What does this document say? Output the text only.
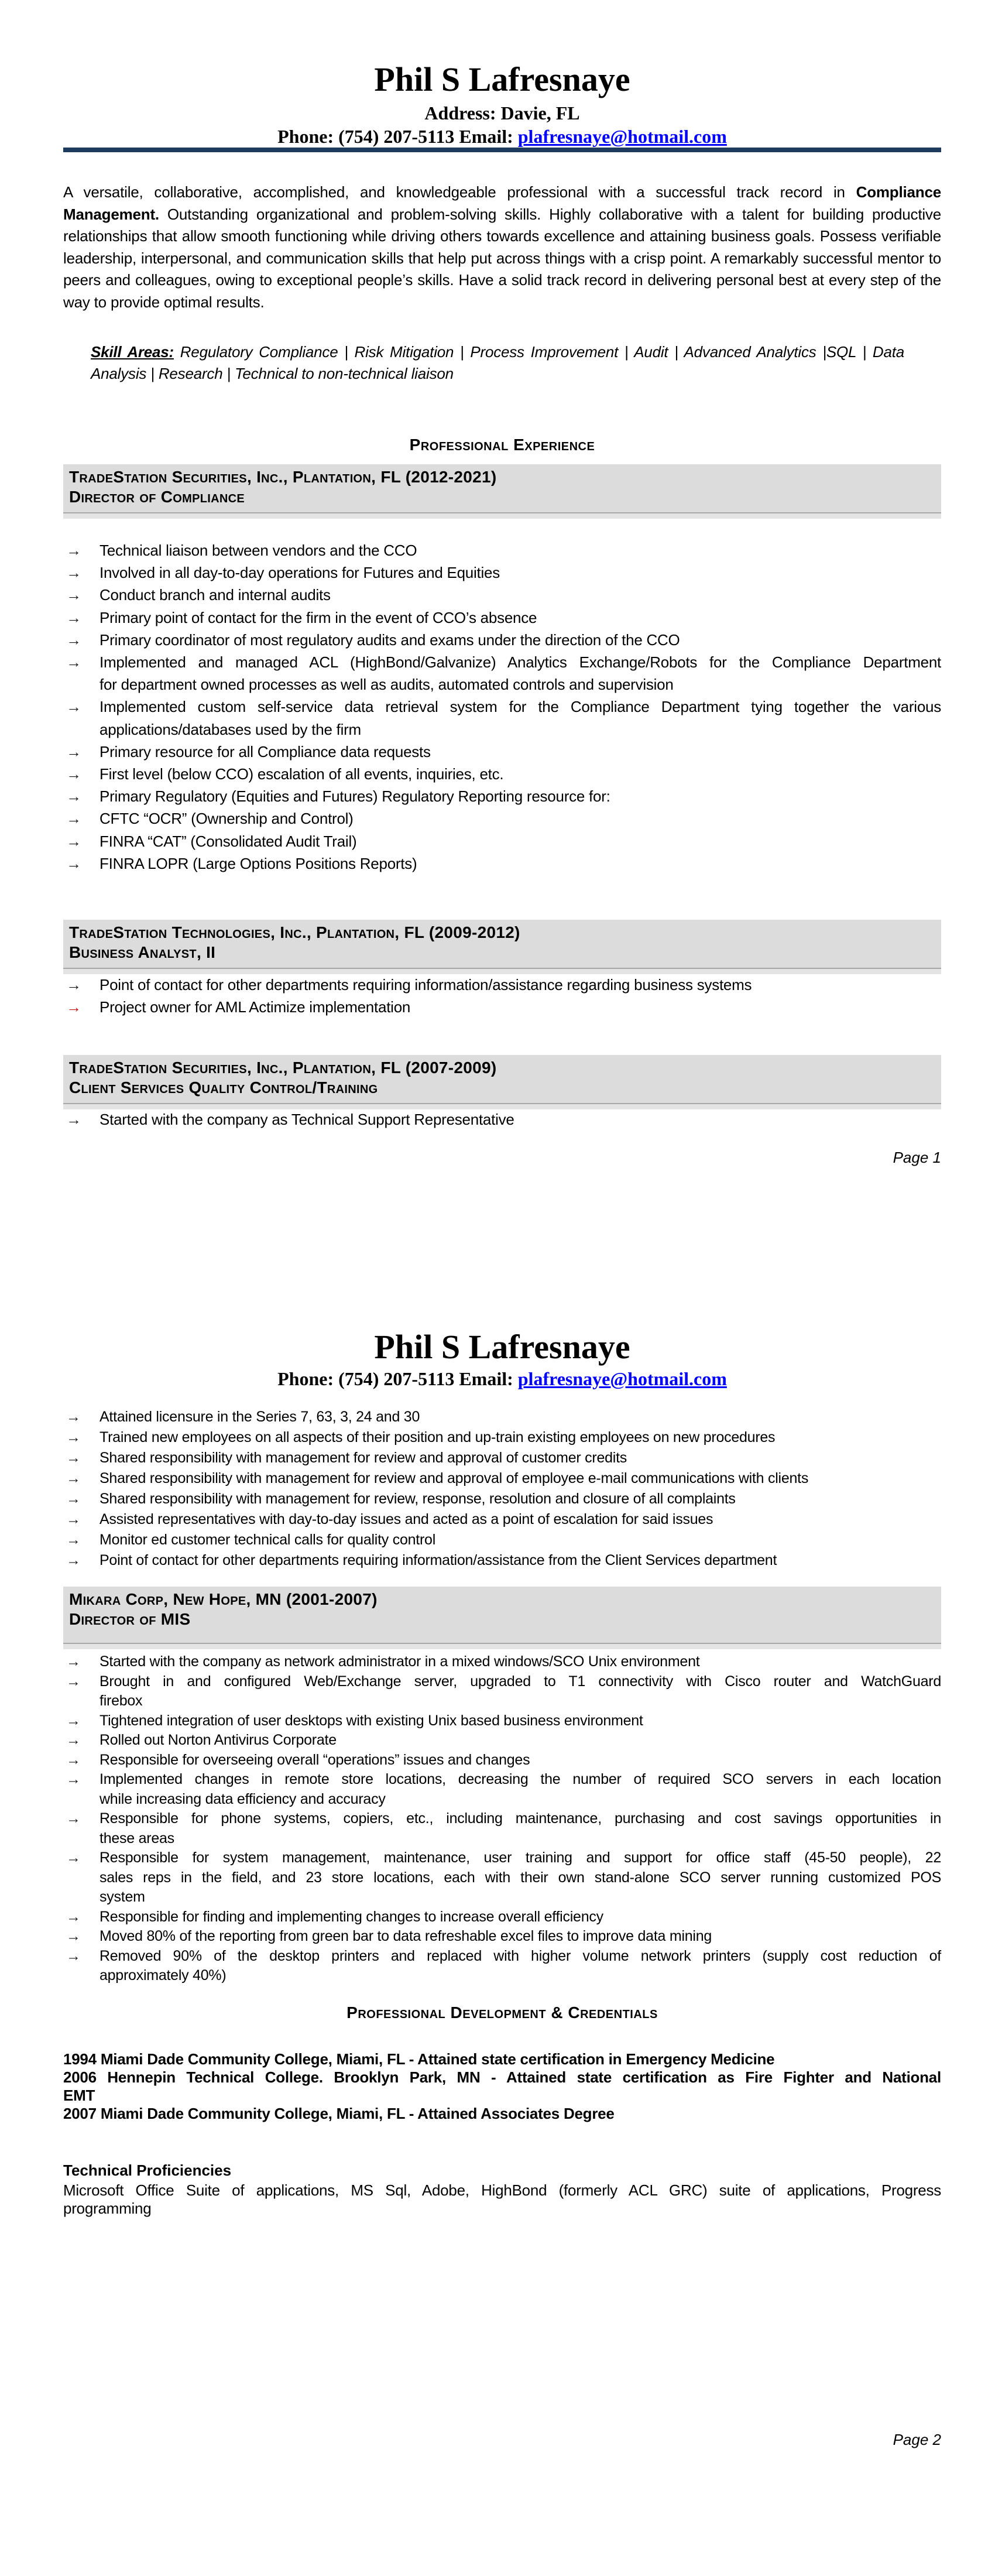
Phil S Lafresnaye
Address: Davie, FL
Phone: (754) 207-5113 Email: plafresnaye@hotmail.com
A versatile, collaborative, accomplished, and knowledgeable professional with a successful track record in Compliance Management. Outstanding organizational and problem-solving skills. Highly collaborative with a talent for building productive relationships that allow smooth functioning while driving others towards excellence and attaining business goals. Possess verifiable leadership, interpersonal, and communication skills that help put across things with a crisp point. A remarkably successful mentor to peers and colleagues, owing to exceptional people’s skills. Have a solid track record in delivering personal best at every step of the way to provide optimal results.
Skill Areas: Regulatory Compliance | Risk Mitigation | Process Improvement | Audit | Advanced Analytics |SQL | Data Analysis | Research | Technical to non-technical liaison
Professional Experience
TradeStation Securities, Inc., Plantation, FL (2012-2021)
Director of Compliance
→ Technical liaison between vendors and the CCO
→ Involved in all day-to-day operations for Futures and Equities
→ Conduct branch and internal audits
→ Primary point of contact for the firm in the event of CCO’s absence
→ Primary coordinator of most regulatory audits and exams under the direction of the CCO
→ Implemented and managed ACL (HighBond/Galvanize) Analytics Exchange/Robots for the Compliance Department
for department owned processes as well as audits, automated controls and supervision
→ Implemented custom self-service data retrieval system for the Compliance Department tying together the various
applications/databases used by the firm
→ Primary resource for all Compliance data requests
→ First level (below CCO) escalation of all events, inquiries, etc.
→ Primary Regulatory (Equities and Futures) Regulatory Reporting resource for:
→ CFTC “OCR” (Ownership and Control)
→ FINRA “CAT” (Consolidated Audit Trail)
→ FINRA LOPR (Large Options Positions Reports)
TradeStation Technologies, Inc., Plantation, FL (2009-2012)
Business Analyst, II
→ Point of contact for other departments requiring information/assistance regarding business systems
→ Project owner for AML Actimize implementation
TradeStation Securities, Inc., Plantation, FL (2007-2009)
Client Services Quality Control/Training
→ Started with the company as Technical Support Representative
Page 1
Phil S Lafresnaye
Phone: (754) 207-5113 Email: plafresnaye@hotmail.com
→ Attained licensure in the Series 7, 63, 3, 24 and 30
→ Trained new employees on all aspects of their position and up-train existing employees on new procedures
→ Shared responsibility with management for review and approval of customer credits
→ Shared responsibility with management for review and approval of employee e-mail communications with clients
→ Shared responsibility with management for review, response, resolution and closure of all complaints
→ Assisted representatives with day-to-day issues and acted as a point of escalation for said issues
→ Monitor ed customer technical calls for quality control
→ Point of contact for other departments requiring information/assistance from the Client Services department
Mikara Corp, New Hope, MN (2001-2007)
Director of MIS
→ Started with the company as network administrator in a mixed windows/SCO Unix environment
→ Brought in and configured Web/Exchange server, upgraded to T1 connectivity with Cisco router and WatchGuard
firebox
→ Tightened integration of user desktops with existing Unix based business environment
→ Rolled out Norton Antivirus Corporate
→ Responsible for overseeing overall “operations” issues and changes
→ Implemented changes in remote store locations, decreasing the number of required SCO servers in each location
while increasing data efficiency and accuracy
→ Responsible for phone systems, copiers, etc., including maintenance, purchasing and cost savings opportunities in
these areas
→ Responsible for system management, maintenance, user training and support for office staff (45-50 people), 22
sales reps in the field, and 23 store locations, each with their own stand-alone SCO server running customized POS
system
→ Responsible for finding and implementing changes to increase overall efficiency
→ Moved 80% of the reporting from green bar to data refreshable excel files to improve data mining
→ Removed 90% of the desktop printers and replaced with higher volume network printers (supply cost reduction of
approximately 40%)
Professional Development & Credentials
1994 Miami Dade Community College, Miami, FL - Attained state certification in Emergency Medicine
2006 Hennepin Technical College. Brooklyn Park, MN - Attained state certification as Fire Fighter and National
EMT
2007 Miami Dade Community College, Miami, FL - Attained Associates Degree
Technical Proficiencies
Microsoft Office Suite of applications, MS Sql, Adobe, HighBond (formerly ACL GRC) suite of applications, Progress
programming
Page 2
